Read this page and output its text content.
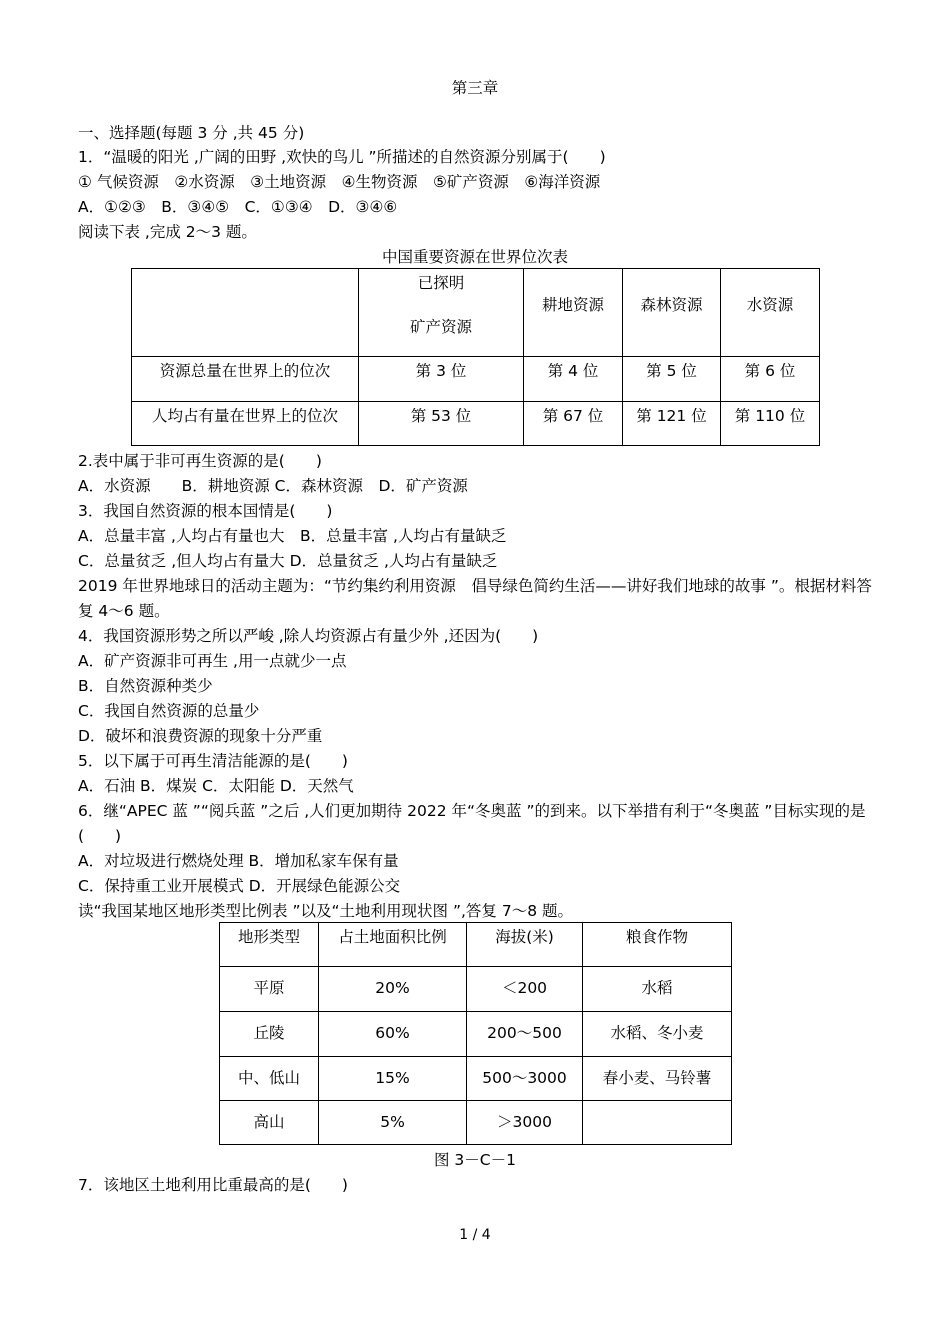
第三章
一、选择题(每题 3 分 ,共 45 分)
1．“温暖的阳光 ,广阔的田野 ,欢快的鸟儿 ”所描述的自然资源分别属于(　　)
① 气候资源　②水资源　③土地资源　④生物资源　⑤矿产资源　⑥海洋资源
A．①②③　B．③④⑤　C．①③④　D．③④⑥
阅读下表 ,完成 2～3 题。
中国重要资源在世界位次表

	已探明
矿产资源	耕地资源	森林资源	水资源
资源总量在世界上的位次	第 3 位	第 4 位	第 5 位	第 6 位
人均占有量在世界上的位次	第 53 位	第 67 位	第 121 位	第 110 位
2.表中属于非可再生资源的是(　　)
A．水资源　　B．耕地资源 C．森林资源　D．矿产资源
3．我国自然资源的根本国情是(　　)
A．总量丰富 ,人均占有量也大　B．总量丰富 ,人均占有量缺乏
C．总量贫乏 ,但人均占有量大 D．总量贫乏 ,人均占有量缺乏
2019 年世界地球日的活动主题为：“节约集约利用资源　倡导绿色简约生活——讲好我们地球的故事 ”。根据材料答复 4～6 题。
4．我国资源形势之所以严峻 ,除人均资源占有量少外 ,还因为(　　)
A．矿产资源非可再生 ,用一点就少一点
B．自然资源种类少
C．我国自然资源的总量少
D．破坏和浪费资源的现象十分严重
5．以下属于可再生清洁能源的是(　　)
A．石油 B．煤炭 C．太阳能 D．天然气
6．继“APEC 蓝 ”“阅兵蓝 ”之后 ,人们更加期待 2022 年“冬奥蓝 ”的到来。以下举措有利于“冬奥蓝 ”目标实现的是(　　)
A．对垃圾进行燃烧处理 B．增加私家车保有量
C．保持重工业开展模式 D．开展绿色能源公交
读“我国某地区地形类型比例表 ”以及“土地利用现状图 ”,答复 7～8 题。
地形类型	占土地面积比例	海拔(米)	粮食作物
平原	20%	＜200	水稻
丘陵	60%	200～500	水稻、冬小麦
中、低山	15%	500～3000	春小麦、马铃薯
高山	5%	＞3000	
图 3－C－1
7．该地区土地利用比重最高的是(　　)
1 / 4
